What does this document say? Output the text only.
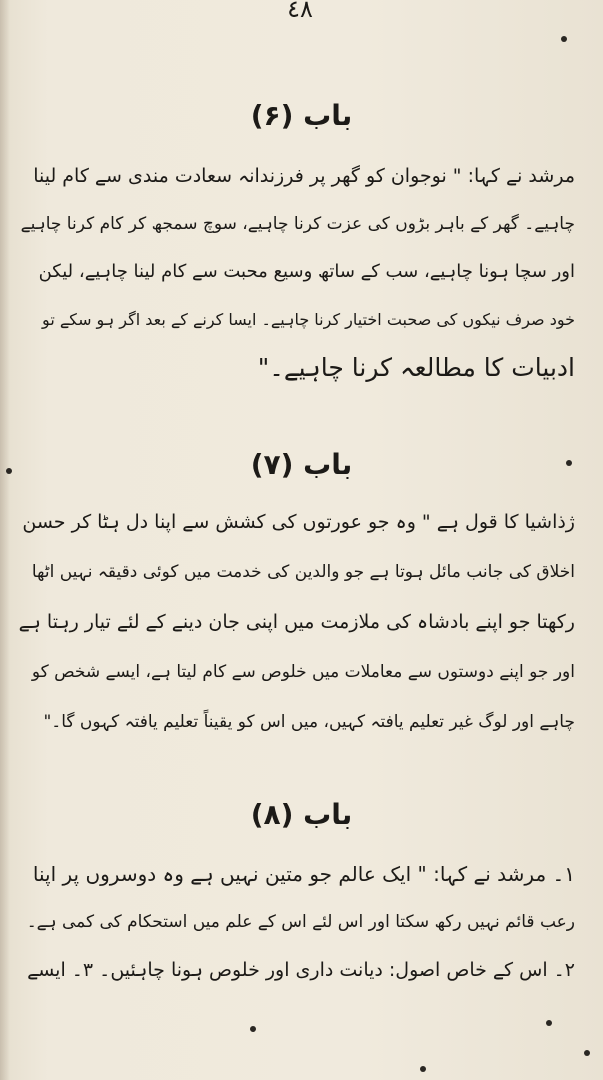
٤٨
باب (۶)
مرشد نے کہا: " نوجوان کو گھر پر فرزندانہ سعادت مندی سے کام لینا
چاہیے۔ گھر کے باہر بڑوں کی عزت کرنا چاہیے، سوچ سمجھ کر کام کرنا چاہیے
اور سچا ہونا چاہیے، سب کے ساتھ وسیع محبت سے کام لینا چاہیے، لیکن
خود صرف نیکوں کی صحبت اختیار کرنا چاہیے۔ ایسا کرنے کے بعد اگر ہو سکے تو
ادبیات کا مطالعہ کرنا چاہیے۔"
باب (۷)
ژذاشیا کا قول ہے " وہ جو عورتوں کی کشش سے اپنا دل ہٹا کر حسن
اخلاق کی جانب مائل ہوتا ہے جو والدین کی خدمت میں کوئی دقیقہ نہیں اٹھا
رکھتا جو اپنے بادشاہ کی ملازمت میں اپنی جان دینے کے لئے تیار رہتا ہے
اور جو اپنے دوستوں سے معاملات میں خلوص سے کام لیتا ہے، ایسے شخص کو
چاہے اور لوگ غیر تعلیم یافتہ کہیں، میں اس کو یقیناً تعلیم یافتہ کہوں گا۔"
باب (۸)
۱۔ مرشد نے کہا: " ایک عالم جو متین نہیں ہے وہ دوسروں پر اپنا
رعب قائم نہیں رکھ سکتا اور اس لئے اس کے علم میں استحکام کی کمی ہے۔
۲۔ اس کے خاص اصول: دیانت داری اور خلوص ہونا چاہئیں۔ ۳۔ ایسے
